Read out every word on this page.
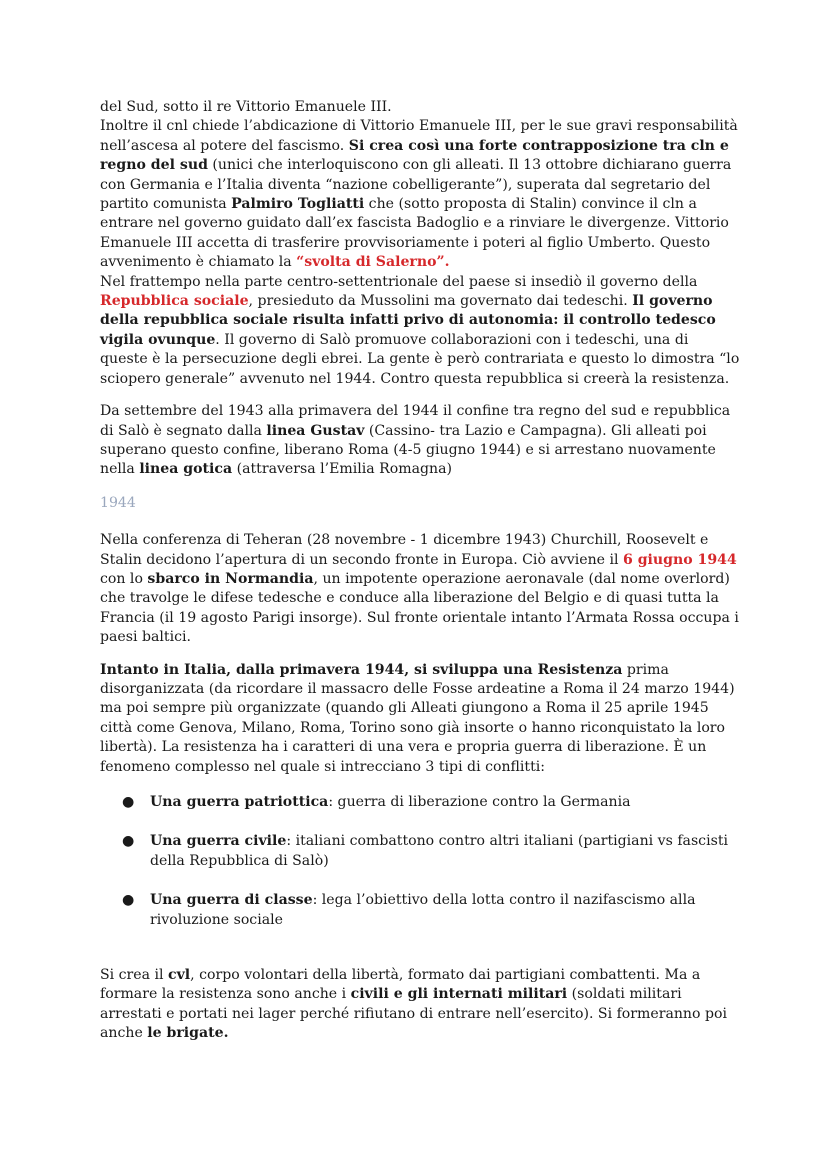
del Sud, sotto il re Vittorio Emanuele III.
Inoltre il cnl chiede l’abdicazione di Vittorio Emanuele III, per le sue gravi responsabilità nell’ascesa al potere del fascismo. Si crea così una forte contrapposizione tra cln e regno del sud (unici che interloquiscono con gli alleati. Il 13 ottobre dichiarano guerra con Germania e l’Italia diventa “nazione cobelligerante”), superata dal segretario del partito comunista Palmiro Togliatti che (sotto proposta di Stalin) convince il cln a entrare nel governo guidato dall’ex fascista Badoglio e a rinviare le divergenze. Vittorio Emanuele III accetta di trasferire provvisoriamente i poteri al figlio Umberto. Questo avvenimento è chiamato la “svolta di Salerno”.
Nel frattempo nella parte centro-settentrionale del paese si insediò il governo della Repubblica sociale, presieduto da Mussolini ma governato dai tedeschi. Il governo della repubblica sociale risulta infatti privo di autonomia: il controllo tedesco vigila ovunque. Il governo di Salò promuove collaborazioni con i tedeschi, una di queste è la persecuzione degli ebrei. La gente è però contrariata e questo lo dimostra “lo sciopero generale” avvenuto nel 1944. Contro questa repubblica si creerà la resistenza.

Da settembre del 1943 alla primavera del 1944 il confine tra regno del sud e repubblica di Salò è segnato dalla linea Gustav (Cassino- tra Lazio e Campagna). Gli alleati poi superano questo confine, liberano Roma (4-5 giugno 1944) e si arrestano nuovamente nella linea gotica (attraversa l’Emilia Romagna)

1944

Nella conferenza di Teheran (28 novembre - 1 dicembre 1943) Churchill, Roosevelt e Stalin decidono l’apertura di un secondo fronte in Europa. Ciò avviene il 6 giugno 1944 con lo sbarco in Normandia, un impotente operazione aeronavale (dal nome overlord) che travolge le difese tedesche e conduce alla liberazione del Belgio e di quasi tutta la Francia (il 19 agosto Parigi insorge). Sul fronte orientale intanto l’Armata Rossa occupa i paesi baltici.

Intanto in Italia, dalla primavera 1944, si sviluppa una Resistenza prima disorganizzata (da ricordare il massacro delle Fosse ardeatine a Roma il 24 marzo 1944) ma poi sempre più organizzate (quando gli Alleati giungono a Roma il 25 aprile 1945 città come Genova, Milano, Roma, Torino sono già insorte o hanno riconquistato la loro libertà). La resistenza ha i caratteri di una vera e propria guerra di liberazione. È un fenomeno complesso nel quale si intrecciano 3 tipi di conflitti:

● Una guerra patriottica: guerra di liberazione contro la Germania
● Una guerra civile: italiani combattono contro altri italiani (partigiani vs fascisti della Repubblica di Salò)
● Una guerra di classe: lega l’obiettivo della lotta contro il nazifascismo alla rivoluzione sociale

Si crea il cvl, corpo volontari della libertà, formato dai partigiani combattenti. Ma a formare la resistenza sono anche i civili e gli internati militari (soldati militari arrestati e portati nei lager perché rifiutano di entrare nell’esercito). Si formeranno poi anche le brigate.
